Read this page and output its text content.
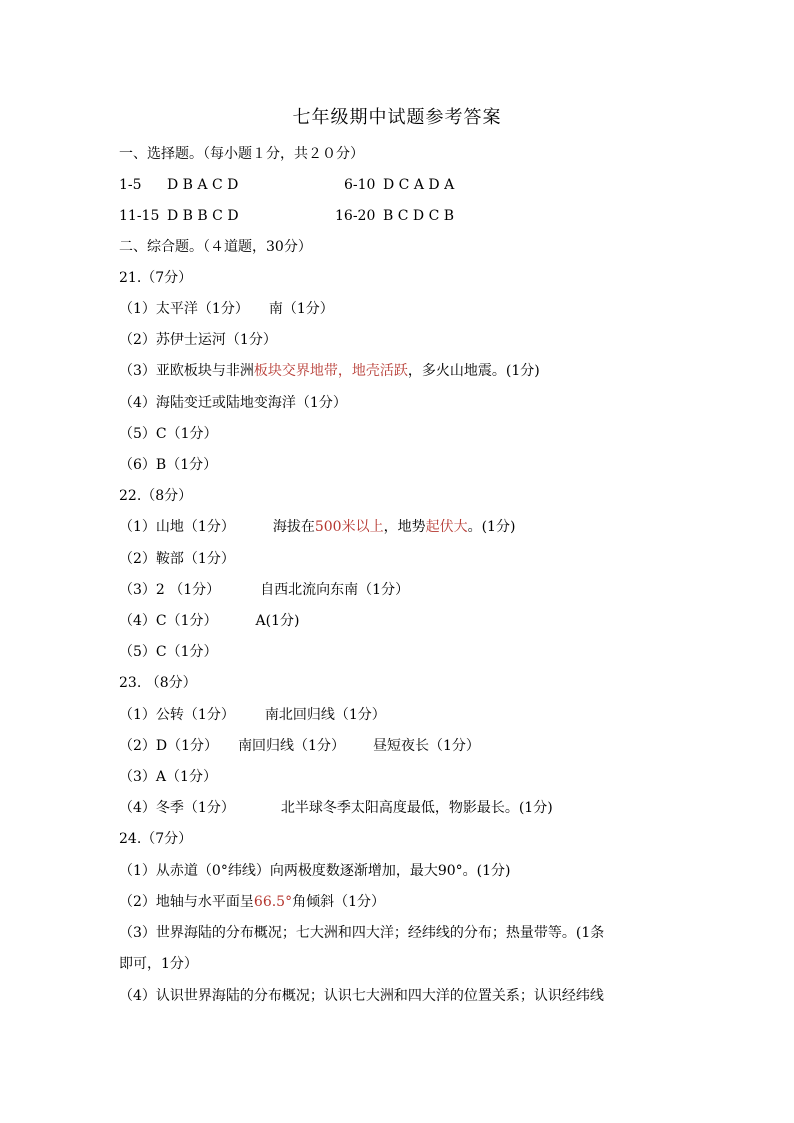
七年级期中试题参考答案
一、选择题。（每小题１分，共２０分）
1-5 D B A C D	6-10 D C A D A
11-15 D B B C D	16-20 B C D C B
二、综合题。（４道题，30分）
21.（7分）
（1）太平洋（1分） 南（1分）
（2）苏伊士运河（1分）
（3）亚欧板块与非洲板块交界地带，地壳活跃，多火山地震。(1分)
（4）海陆变迁或陆地变海洋（1分）
（5）C（1分）
（6）B（1分）
22.（8分）
（1）山地（1分）	海拔在500米以上，地势起伏大。(1分)
（2）鞍部（1分）
（3）2 （1分）	自西北流向东南（1分）
（4）C（1分）	A(1分)
（5）C（1分）
23. （8分）
（1）公转（1分） 南北回归线（1分）
（2）D（1分） 南回归线（1分） 昼短夜长（1分）
（3）A（1分）
（4）冬季（1分）	北半球冬季太阳高度最低，物影最长。(1分)
24.（7分）
（1）从赤道（0°纬线）向两极度数逐渐增加，最大90°。(1分)
（2）地轴与水平面呈66.5°角倾斜（1分）
（3）世界海陆的分布概况；七大洲和四大洋；经纬线的分布；热量带等。(1条
即可，1分）
（4）认识世界海陆的分布概况；认识七大洲和四大洋的位置关系；认识经纬线
